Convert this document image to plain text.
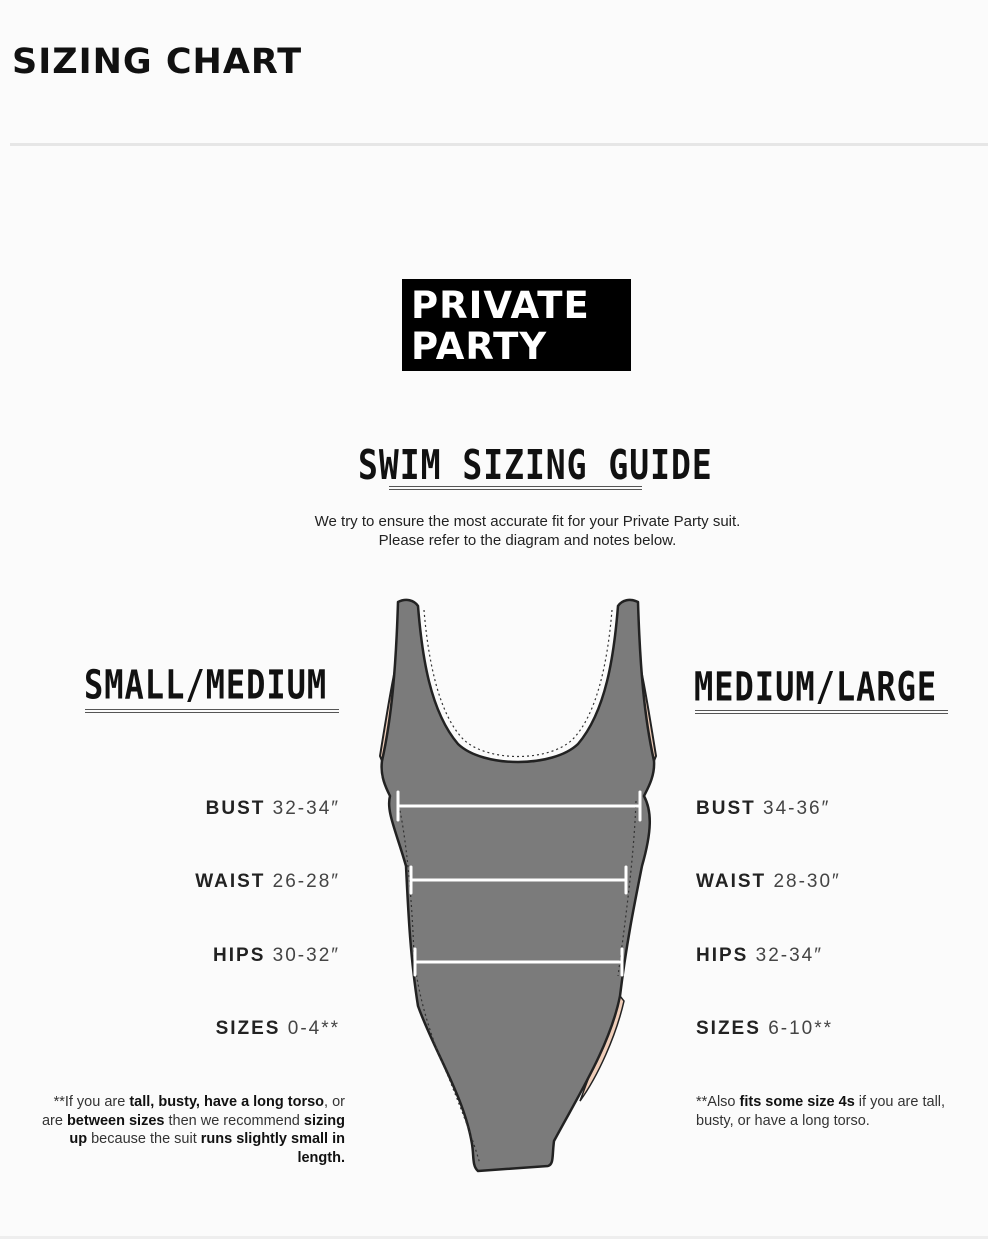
SIZING CHART
PRIVATE
PARTY
SWIM SIZING GUIDE
We try to ensure the most accurate fit for your Private Party suit.
Please refer to the diagram and notes below.
SMALL/MEDIUM
BUST 32-34″
WAIST 26-28″
HIPS 30-32″
SIZES 0-4**
**If you are tall, busty, have a long torso, or are between sizes then we recommend sizing up because the suit runs slightly small in length.
MEDIUM/LARGE
BUST 34-36″
WAIST 28-30″
HIPS 32-34″
SIZES 6-10**
**Also fits some size 4s if you are tall, busty, or have a long torso.
